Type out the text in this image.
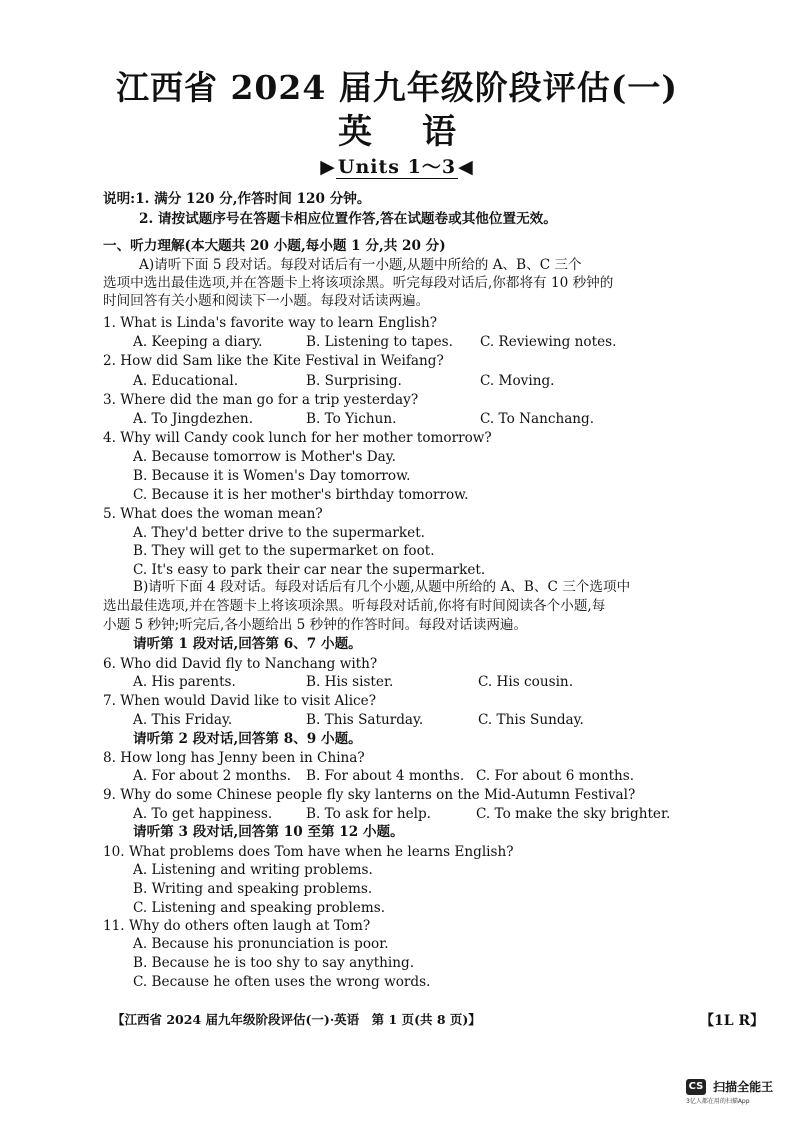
江西省 2024 届九年级阶段评估(一)
英语
▶ Units 1～3 ◀
说明:1. 满分 120 分,作答时间 120 分钟。
2. 请按试题序号在答题卡相应位置作答,答在试题卷或其他位置无效。
一、听力理解(本大题共 20 小题,每小题 1 分,共 20 分)
A)请听下面 5 段对话。每段对话后有一小题,从题中所给的 A、B、C 三个
选项中选出最佳选项,并在答题卡上将该项涂黑。听完每段对话后,你都将有 10 秒钟的
时间回答有关小题和阅读下一小题。每段对话读两遍。
1. What is Linda's favorite way to learn English?
A. Keeping a diary.	B. Listening to tapes. C. Reviewing notes.
2. How did Sam like the Kite Festival in Weifang?
A. Educational.	B. Surprising.	C. Moving.
3. Where did the man go for a trip yesterday?
A. To Jingdezhen.	B. To Yichun.	C. To Nanchang.
4. Why will Candy cook lunch for her mother tomorrow?
A. Because tomorrow is Mother's Day.
B. Because it is Women's Day tomorrow.
C. Because it is her mother's birthday tomorrow.
5. What does the woman mean?
A. They'd better drive to the supermarket.
B. They will get to the supermarket on foot.
C. It's easy to park their car near the supermarket.
B)请听下面 4 段对话。每段对话后有几个小题,从题中所给的 A、B、C 三个选项中
选出最佳选项,并在答题卡上将该项涂黑。听每段对话前,你将有时间阅读各个小题,每
小题 5 秒钟;听完后,各小题给出 5 秒钟的作答时间。每段对话读两遍。
请听第 1 段对话,回答第 6、7 小题。
6. Who did David fly to Nanchang with?
A. His parents.	B. His sister.	C. His cousin.
7. When would David like to visit Alice?
A. This Friday.	B. This Saturday.	C. This Sunday.
请听第 2 段对话,回答第 8、9 小题。
8. How long has Jenny been in China?
A. For about 2 months. B. For about 4 months. C. For about 6 months.
9. Why do some Chinese people fly sky lanterns on the Mid-Autumn Festival?
A. To get happiness. B. To ask for help.	C. To make the sky brighter.
请听第 3 段对话,回答第 10 至第 12 小题。
10. What problems does Tom have when he learns English?
A. Listening and writing problems.
B. Writing and speaking problems.
C. Listening and speaking problems.
11. Why do others often laugh at Tom?
A. Because his pronunciation is poor.
B. Because he is too shy to say anything.
C. Because he often uses the wrong words.
【江西省 2024 届九年级阶段评估(一)·英语　第 1 页(共 8 页)】	【1L R】
CS 扫描全能王
3亿人都在用的扫描App
